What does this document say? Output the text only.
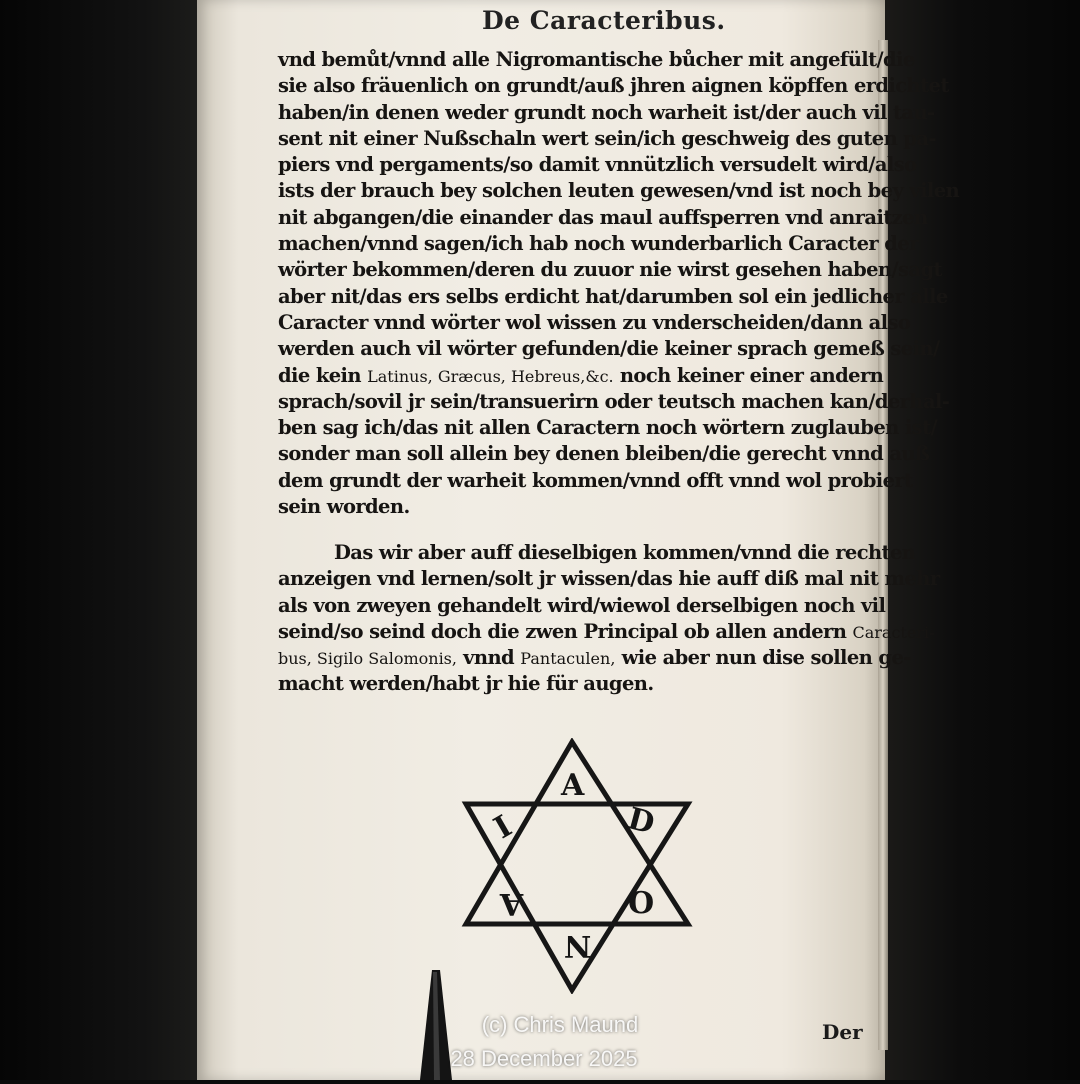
De Caracteribus.

vnd bemůt/vnnd alle Nigromantische bůcher mit angefült/die
sie also fräuenlich on grundt/auß jhren aignen köpffen erdichtet
haben/in denen weder grundt noch warheit ist/der auch vil tau-
sent nit einer Nußschaln wert sein/ich geschweig des guten pa-
piers vnd pergaments/so damit vnnützlich versudelt wird/also
ists der brauch bey solchen leuten gewesen/vnd ist noch bey vilen
nit abgangen/die einander das maul auffsperren vnd anraitzen
machen/vnnd sagen/ich hab noch wunderbarlich Caracter der
wörter bekommen/deren du zuuor nie wirst gesehen haben/sagt
aber nit/das ers selbs erdicht hat/darumben sol ein jedlicher alle
Caracter vnnd wörter wol wissen zu vnderscheiden/dann also
werden auch vil wörter gefunden/die keiner sprach gemeß sein/
die kein Latinus, Græcus, Hebreus,&c. noch keiner einer andern
sprach/sovil jr sein/transuerirn oder teutsch machen kan/derhal-
ben sag ich/das nit allen Caractern noch wörtern zuglauben ist/
sonder man soll allein bey denen bleiben/die gerecht vnnd auß
dem grundt der warheit kommen/vnnd offt vnnd wol probiert
sein worden.
Das wir aber auff dieselbigen kommen/vnnd die rechten
anzeigen vnd lernen/solt jr wissen/das hie auff diß mal nit mehr
als von zweyen gehandelt wird/wiewol derselbigen noch vil
seind/so seind doch die zwen Principal ob allen andern Caracteri-
bus, Sigilo Salomonis, vnnd Pantaculen, wie aber nun dise sollen ge-
macht werden/habt jr hie für augen.
A
D
O
N
A
I
Der
(c) Chris Maund
28 December 2025
